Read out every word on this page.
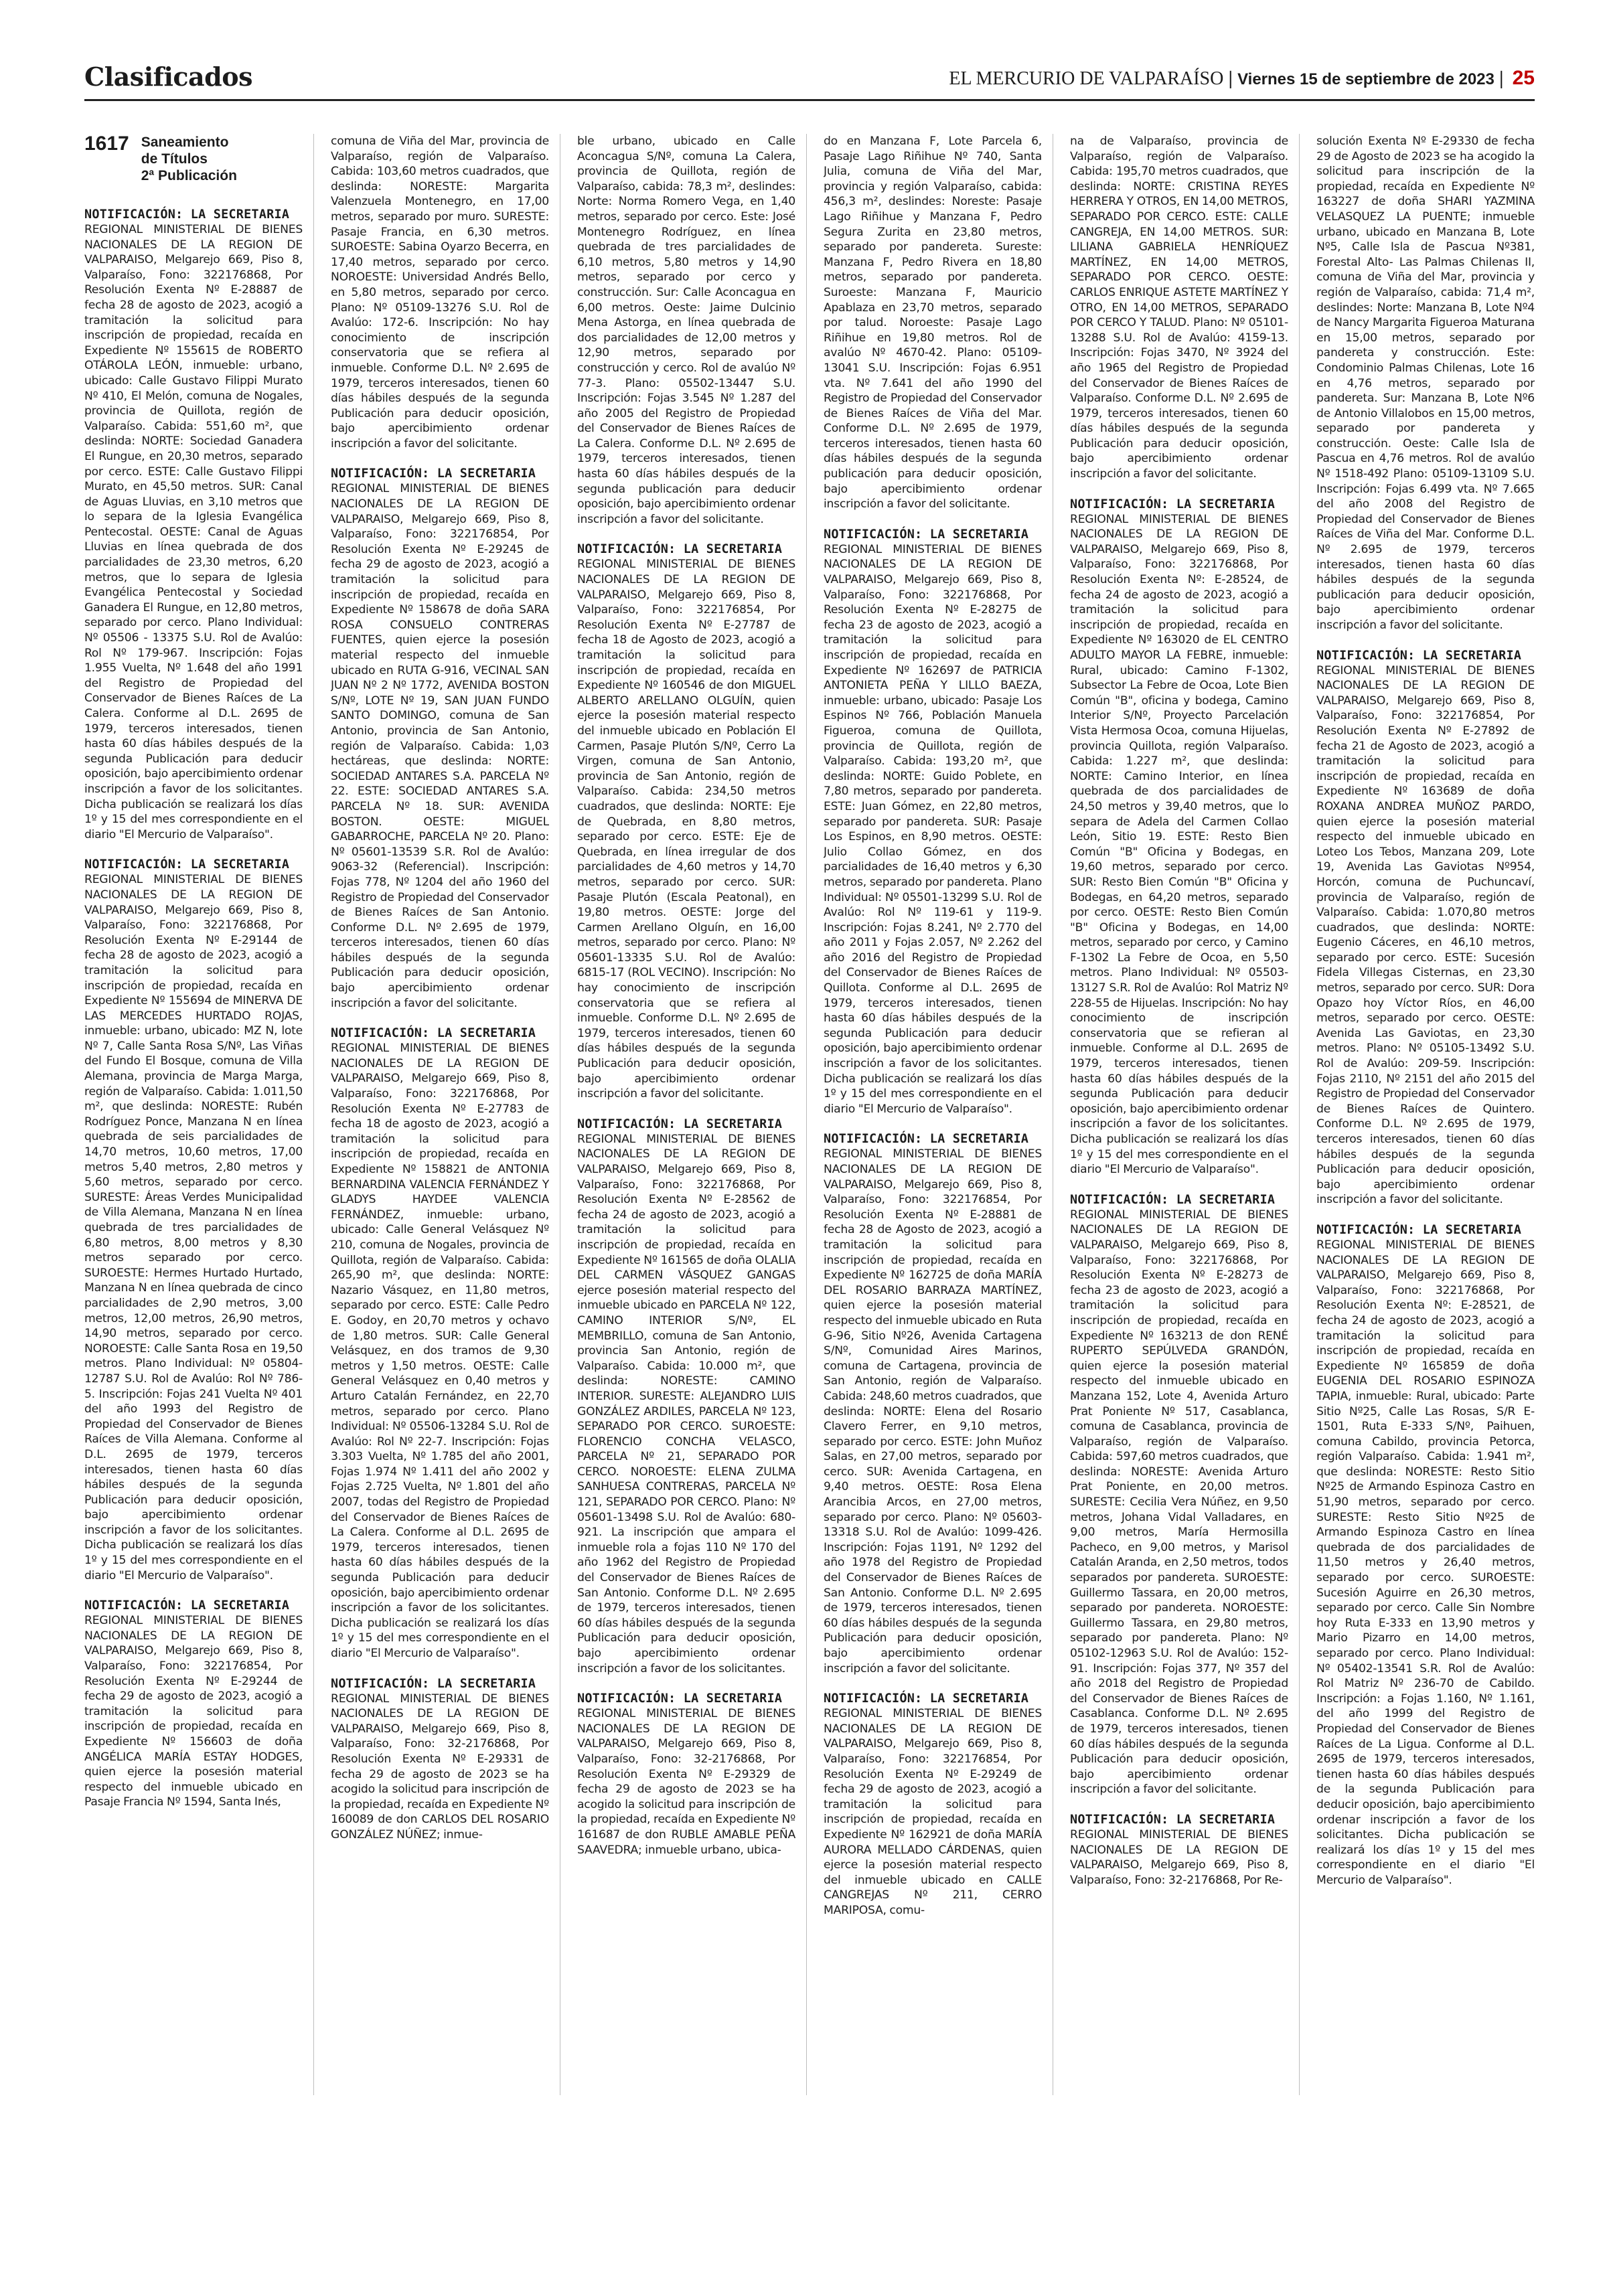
Clasificados	EL MERCURIO DE VALPARAÍSO | Viernes 15 de septiembre de 2023 | 25
1617 Saneamiento
de Títulos
2ª Publicación
NOTIFICACIÓN: LA SECRETARIA
REGIONAL MINISTERIAL DE BIENES NACIONALES DE LA REGION DE VALPARAISO, Melgarejo 669, Piso 8, Valparaíso, Fono: 322176868, Por Resolución Exenta Nº E-28887 de fecha 28 de agosto de 2023, acogió a tramitación la solicitud para inscripción de propiedad, recaída en Expediente Nº 155615 de ROBERTO OTÁROLA LEÓN, inmueble: urbano, ubicado: Calle Gustavo Filippi Murato Nº 410, El Melón, comuna de Nogales, provincia de Quillota, región de Valparaíso. Cabida: 551,60 m², que deslinda: NORTE: Sociedad Ganadera El Rungue, en 20,30 metros, separado por cerco. ESTE: Calle Gustavo Filippi Murato, en 45,50 metros. SUR: Canal de Aguas Lluvias, en 3,10 metros que lo separa de la Iglesia Evangélica Pentecostal. OESTE: Canal de Aguas Lluvias en línea quebrada de dos parcialidades de 23,30 metros, 6,20 metros, que lo separa de Iglesia Evangélica Pentecostal y Sociedad Ganadera El Rungue, en 12,80 metros, separado por cerco. Plano Individual: Nº 05506 - 13375 S.U. Rol de Avalúo: Rol Nº 179-967. Inscripción: Fojas 1.955 Vuelta, Nº 1.648 del año 1991 del Registro de Propiedad del Conservador de Bienes Raíces de La Calera. Conforme al D.L. 2695 de 1979, terceros interesados, tienen hasta 60 días hábiles después de la segunda Publicación para deducir oposición, bajo apercibimiento ordenar inscripción a favor de los solicitantes. Dicha publicación se realizará los días 1º y 15 del mes correspondiente en el diario "El Mercurio de Valparaíso".
NOTIFICACIÓN: LA SECRETARIA
REGIONAL MINISTERIAL DE BIENES NACIONALES DE LA REGION DE VALPARAISO, Melgarejo 669, Piso 8, Valparaíso, Fono: 322176868, Por Resolución Exenta Nº E-29144 de fecha 28 de agosto de 2023, acogió a tramitación la solicitud para inscripción de propiedad, recaída en Expediente Nº 155694 de MINERVA DE LAS MERCEDES HURTADO ROJAS, inmueble: urbano, ubicado: MZ N, lote Nº 7, Calle Santa Rosa S/Nº, Las Viñas del Fundo El Bosque, comuna de Villa Alemana, provincia de Marga Marga, región de Valparaíso. Cabida: 1.011,50 m², que deslinda: NORESTE: Rubén Rodríguez Ponce, Manzana N en línea quebrada de seis parcialidades de 14,70 metros, 10,60 metros, 17,00 metros 5,40 metros, 2,80 metros y 5,60 metros, separado por cerco. SURESTE: Áreas Verdes Municipalidad de Villa Alemana, Manzana N en línea quebrada de tres parcialidades de 6,80 metros, 8,00 metros y 8,30 metros separado por cerco. SUROESTE: Hermes Hurtado Hurtado, Manzana N en línea quebrada de cinco parcialidades de 2,90 metros, 3,00 metros, 12,00 metros, 26,90 metros, 14,90 metros, separado por cerco. NOROESTE: Calle Santa Rosa en 19,50 metros. Plano Individual: Nº 05804-12787 S.U. Rol de Avalúo: Rol Nº 786-5. Inscripción: Fojas 241 Vuelta Nº 401 del año 1993 del Registro de Propiedad del Conservador de Bienes Raíces de Villa Alemana. Conforme al D.L. 2695 de 1979, terceros interesados, tienen hasta 60 días hábiles después de la segunda Publicación para deducir oposición, bajo apercibimiento ordenar inscripción a favor de los solicitantes. Dicha publicación se realizará los días 1º y 15 del mes correspondiente en el diario "El Mercurio de Valparaíso".
NOTIFICACIÓN: LA SECRETARIA
REGIONAL MINISTERIAL DE BIENES NACIONALES DE LA REGION DE VALPARAISO, Melgarejo 669, Piso 8, Valparaíso, Fono: 322176854, Por Resolución Exenta Nº E-29244 de fecha 29 de agosto de 2023, acogió a tramitación la solicitud para inscripción de propiedad, recaída en Expediente Nº 156603 de doña ANGÉLICA MARÍA ESTAY HODGES, quien ejerce la posesión material respecto del inmueble ubicado en Pasaje Francia Nº 1594, Santa Inés,
comuna de Viña del Mar, provincia de Valparaíso, región de Valparaíso. Cabida: 103,60 metros cuadrados, que deslinda: NORESTE: Margarita Valenzuela Montenegro, en 17,00 metros, separado por muro. SURESTE: Pasaje Francia, en 6,30 metros. SUROESTE: Sabina Oyarzo Becerra, en 17,40 metros, separado por cerco. NOROESTE: Universidad Andrés Bello, en 5,80 metros, separado por cerco. Plano: Nº 05109-13276 S.U. Rol de Avalúo: 172-6. Inscripción: No hay conocimiento de inscripción conservatoria que se refiera al inmueble. Conforme D.L. Nº 2.695 de 1979, terceros interesados, tienen 60 días hábiles después de la segunda Publicación para deducir oposición, bajo apercibimiento ordenar inscripción a favor del solicitante.
NOTIFICACIÓN: LA SECRETARIA
REGIONAL MINISTERIAL DE BIENES NACIONALES DE LA REGION DE VALPARAISO, Melgarejo 669, Piso 8, Valparaíso, Fono: 322176854, Por Resolución Exenta Nº E-29245 de fecha 29 de agosto de 2023, acogió a tramitación la solicitud para inscripción de propiedad, recaída en Expediente Nº 158678 de doña SARA ROSA CONSUELO CONTRERAS FUENTES, quien ejerce la posesión material respecto del inmueble ubicado en RUTA G-916, VECINAL SAN JUAN Nº 2 Nº 1772, AVENIDA BOSTON S/Nº, LOTE Nº 19, SAN JUAN FUNDO SANTO DOMINGO, comuna de San Antonio, provincia de San Antonio, región de Valparaíso. Cabida: 1,03 hectáreas, que deslinda: NORTE: SOCIEDAD ANTARES S.A. PARCELA Nº 22. ESTE: SOCIEDAD ANTARES S.A. PARCELA Nº 18. SUR: AVENIDA BOSTON. OESTE: MIGUEL GABARROCHE, PARCELA Nº 20. Plano: Nº 05601-13539 S.R. Rol de Avalúo: 9063-32 (Referencial). Inscripción: Fojas 778, Nº 1204 del año 1960 del Registro de Propiedad del Conservador de Bienes Raíces de San Antonio. Conforme D.L. Nº 2.695 de 1979, terceros interesados, tienen 60 días hábiles después de la segunda Publicación para deducir oposición, bajo apercibimiento ordenar inscripción a favor del solicitante.
NOTIFICACIÓN: LA SECRETARIA
REGIONAL MINISTERIAL DE BIENES NACIONALES DE LA REGION DE VALPARAISO, Melgarejo 669, Piso 8, Valparaíso, Fono: 322176868, Por Resolución Exenta Nº E-27783 de fecha 18 de agosto de 2023, acogió a tramitación la solicitud para inscripción de propiedad, recaída en Expediente Nº 158821 de ANTONIA BERNARDINA VALENCIA FERNÁNDEZ Y GLADYS HAYDEE VALENCIA FERNÁNDEZ, inmueble: urbano, ubicado: Calle General Velásquez Nº 210, comuna de Nogales, provincia de Quillota, región de Valparaíso. Cabida: 265,90 m², que deslinda: NORTE: Nazario Vásquez, en 11,80 metros, separado por cerco. ESTE: Calle Pedro E. Godoy, en 20,70 metros y ochavo de 1,80 metros. SUR: Calle General Velásquez, en dos tramos de 9,30 metros y 1,50 metros. OESTE: Calle General Velásquez en 0,40 metros y Arturo Catalán Fernández, en 22,70 metros, separado por cerco. Plano Individual: Nº 05506-13284 S.U. Rol de Avalúo: Rol Nº 22-7. Inscripción: Fojas 3.303 Vuelta, Nº 1.785 del año 2001, Fojas 1.974 Nº 1.411 del año 2002 y Fojas 2.725 Vuelta, Nº 1.801 del año 2007, todas del Registro de Propiedad del Conservador de Bienes Raíces de La Calera. Conforme al D.L. 2695 de 1979, terceros interesados, tienen hasta 60 días hábiles después de la segunda Publicación para deducir oposición, bajo apercibimiento ordenar inscripción a favor de los solicitantes. Dicha publicación se realizará los días 1º y 15 del mes correspondiente en el diario "El Mercurio de Valparaíso".
NOTIFICACIÓN: LA SECRETARIA
REGIONAL MINISTERIAL DE BIENES NACIONALES DE LA REGION DE VALPARAISO, Melgarejo 669, Piso 8, Valparaíso, Fono: 32-2176868, Por Resolución Exenta Nº E-29331 de fecha 29 de agosto de 2023 se ha acogido la solicitud para inscripción de la propiedad, recaída en Expediente Nº 160089 de don CARLOS DEL ROSARIO GONZÁLEZ NÚÑEZ; inmue-
ble urbano, ubicado en Calle Aconcagua S/Nº, comuna La Calera, provincia de Quillota, región de Valparaíso, cabida: 78,3 m², deslindes: Norte: Norma Romero Vega, en 1,40 metros, separado por cerco. Este: José Montenegro Rodríguez, en línea quebrada de tres parcialidades de 6,10 metros, 5,80 metros y 14,90 metros, separado por cerco y construcción. Sur: Calle Aconcagua en 6,00 metros. Oeste: Jaime Dulcinio Mena Astorga, en línea quebrada de dos parcialidades de 12,00 metros y 12,90 metros, separado por construcción y cerco. Rol de avalúo Nº 77-3. Plano: 05502-13447 S.U. Inscripción: Fojas 3.545 Nº 1.287 del año 2005 del Registro de Propiedad del Conservador de Bienes Raíces de La Calera. Conforme D.L. Nº 2.695 de 1979, terceros interesados, tienen hasta 60 días hábiles después de la segunda publicación para deducir oposición, bajo apercibimiento ordenar inscripción a favor del solicitante.
NOTIFICACIÓN: LA SECRETARIA
REGIONAL MINISTERIAL DE BIENES NACIONALES DE LA REGION DE VALPARAISO, Melgarejo 669, Piso 8, Valparaíso, Fono: 322176854, Por Resolución Exenta Nº E-27787 de fecha 18 de Agosto de 2023, acogió a tramitación la solicitud para inscripción de propiedad, recaída en Expediente Nº 160546 de don MIGUEL ALBERTO ARELLANO OLGUÍN, quien ejerce la posesión material respecto del inmueble ubicado en Población El Carmen, Pasaje Plutón S/Nº, Cerro La Virgen, comuna de San Antonio, provincia de San Antonio, región de Valparaíso. Cabida: 234,50 metros cuadrados, que deslinda: NORTE: Eje de Quebrada, en 8,80 metros, separado por cerco. ESTE: Eje de Quebrada, en línea irregular de dos parcialidades de 4,60 metros y 14,70 metros, separado por cerco. SUR: Pasaje Plutón (Escala Peatonal), en 19,80 metros. OESTE: Jorge del Carmen Arellano Olguín, en 16,00 metros, separado por cerco. Plano: Nº 05601-13335 S.U. Rol de Avalúo: 6815-17 (ROL VECINO). Inscripción: No hay conocimiento de inscripción conservatoria que se refiera al inmueble. Conforme D.L. Nº 2.695 de 1979, terceros interesados, tienen 60 días hábiles después de la segunda Publicación para deducir oposición, bajo apercibimiento ordenar inscripción a favor del solicitante.
NOTIFICACIÓN: LA SECRETARIA
REGIONAL MINISTERIAL DE BIENES NACIONALES DE LA REGION DE VALPARAISO, Melgarejo 669, Piso 8, Valparaíso, Fono: 322176868, Por Resolución Exenta Nº E-28562 de fecha 24 de agosto de 2023, acogió a tramitación la solicitud para inscripción de propiedad, recaída en Expediente Nº 161565 de doña OLALIA DEL CARMEN VÁSQUEZ GANGAS ejerce posesión material respecto del inmueble ubicado en PARCELA Nº 122, CAMINO INTERIOR S/Nº, EL MEMBRILLO, comuna de San Antonio, provincia San Antonio, región de Valparaíso. Cabida: 10.000 m², que deslinda: NORESTE: CAMINO INTERIOR. SURESTE: ALEJANDRO LUIS GONZÁLEZ ARDILES, PARCELA Nº 123, SEPARADO POR CERCO. SUROESTE: FLORENCIO CONCHA VELASCO, PARCELA Nº 21, SEPARADO POR CERCO. NOROESTE: ELENA ZULMA SANHUESA CONTRERAS, PARCELA Nº 121, SEPARADO POR CERCO. Plano: Nº 05601-13498 S.U. Rol de Avalúo: 680-921. La inscripción que ampara el inmueble rola a fojas 110 Nº 170 del año 1962 del Registro de Propiedad del Conservador de Bienes Raíces de San Antonio. Conforme D.L. Nº 2.695 de 1979, terceros interesados, tienen 60 días hábiles después de la segunda Publicación para deducir oposición, bajo apercibimiento ordenar inscripción a favor de los solicitantes.
NOTIFICACIÓN: LA SECRETARIA
REGIONAL MINISTERIAL DE BIENES NACIONALES DE LA REGION DE VALPARAISO, Melgarejo 669, Piso 8, Valparaíso, Fono: 32-2176868, Por Resolución Exenta Nº E-29329 de fecha 29 de agosto de 2023 se ha acogido la solicitud para inscripción de la propiedad, recaída en Expediente Nº 161687 de don RUBLE AMABLE PEÑA SAAVEDRA; inmueble urbano, ubica-
do en Manzana F, Lote Parcela 6, Pasaje Lago Riñihue Nº 740, Santa Julia, comuna de Viña del Mar, provincia y región Valparaíso, cabida: 456,3 m², deslindes: Noreste: Pasaje Lago Riñihue y Manzana F, Pedro Segura Zurita en 23,80 metros, separado por pandereta. Sureste: Manzana F, Pedro Rivera en 18,80 metros, separado por pandereta. Suroeste: Manzana F, Mauricio Apablaza en 23,70 metros, separado por talud. Noroeste: Pasaje Lago Riñihue en 19,80 metros. Rol de avalúo Nº 4670-42. Plano: 05109-13041 S.U. Inscripción: Fojas 6.951 vta. Nº 7.641 del año 1990 del Registro de Propiedad del Conservador de Bienes Raíces de Viña del Mar. Conforme D.L. Nº 2.695 de 1979, terceros interesados, tienen hasta 60 días hábiles después de la segunda publicación para deducir oposición, bajo apercibimiento ordenar inscripción a favor del solicitante.
NOTIFICACIÓN: LA SECRETARIA
REGIONAL MINISTERIAL DE BIENES NACIONALES DE LA REGION DE VALPARAISO, Melgarejo 669, Piso 8, Valparaíso, Fono: 322176868, Por Resolución Exenta Nº E-28275 de fecha 23 de agosto de 2023, acogió a tramitación la solicitud para inscripción de propiedad, recaída en Expediente Nº 162697 de PATRICIA ANTONIETA PEÑA Y LILLO BAEZA, inmueble: urbano, ubicado: Pasaje Los Espinos Nº 766, Población Manuela Figueroa, comuna de Quillota, provincia de Quillota, región de Valparaíso. Cabida: 193,20 m², que deslinda: NORTE: Guido Poblete, en 7,80 metros, separado por pandereta. ESTE: Juan Gómez, en 22,80 metros, separado por pandereta. SUR: Pasaje Los Espinos, en 8,90 metros. OESTE: Julio Collao Gómez, en dos parcialidades de 16,40 metros y 6,30 metros, separado por pandereta. Plano Individual: Nº 05501-13299 S.U. Rol de Avalúo: Rol Nº 119-61 y 119-9. Inscripción: Fojas 8.241, Nº 2.770 del año 2011 y Fojas 2.057, Nº 2.262 del año 2016 del Registro de Propiedad del Conservador de Bienes Raíces de Quillota. Conforme al D.L. 2695 de 1979, terceros interesados, tienen hasta 60 días hábiles después de la segunda Publicación para deducir oposición, bajo apercibimiento ordenar inscripción a favor de los solicitantes. Dicha publicación se realizará los días 1º y 15 del mes correspondiente en el diario "El Mercurio de Valparaíso".
NOTIFICACIÓN: LA SECRETARIA
REGIONAL MINISTERIAL DE BIENES NACIONALES DE LA REGION DE VALPARAISO, Melgarejo 669, Piso 8, Valparaíso, Fono: 322176854, Por Resolución Exenta Nº E-28881 de fecha 28 de Agosto de 2023, acogió a tramitación la solicitud para inscripción de propiedad, recaída en Expediente Nº 162725 de doña MARÍA DEL ROSARIO BARRAZA MARTÍNEZ, quien ejerce la posesión material respecto del inmueble ubicado en Ruta G-96, Sitio Nº26, Avenida Cartagena S/Nº, Comunidad Aires Marinos, comuna de Cartagena, provincia de San Antonio, región de Valparaíso. Cabida: 248,60 metros cuadrados, que deslinda: NORTE: Elena del Rosario Clavero Ferrer, en 9,10 metros, separado por cerco. ESTE: John Muñoz Salas, en 27,00 metros, separado por cerco. SUR: Avenida Cartagena, en 9,40 metros. OESTE: Rosa Elena Arancibia Arcos, en 27,00 metros, separado por cerco. Plano: Nº 05603-13318 S.U. Rol de Avalúo: 1099-426. Inscripción: Fojas 1191, Nº 1292 del año 1978 del Registro de Propiedad del Conservador de Bienes Raíces de San Antonio. Conforme D.L. Nº 2.695 de 1979, terceros interesados, tienen 60 días hábiles después de la segunda Publicación para deducir oposición, bajo apercibimiento ordenar inscripción a favor del solicitante.
NOTIFICACIÓN: LA SECRETARIA
REGIONAL MINISTERIAL DE BIENES NACIONALES DE LA REGION DE VALPARAISO, Melgarejo 669, Piso 8, Valparaíso, Fono: 322176854, Por Resolución Exenta Nº E-29249 de fecha 29 de agosto de 2023, acogió a tramitación la solicitud para inscripción de propiedad, recaída en Expediente Nº 162921 de doña MARÍA AURORA MELLADO CÁRDENAS, quien ejerce la posesión material respecto del inmueble ubicado en CALLE CANGREJAS Nº 211, CERRO MARIPOSA, comu-
na de Valparaíso, provincia de Valparaíso, región de Valparaíso. Cabida: 195,70 metros cuadrados, que deslinda: NORTE: CRISTINA REYES HERRERA Y OTROS, EN 14,00 METROS, SEPARADO POR CERCO. ESTE: CALLE CANGREJA, EN 14,00 METROS. SUR: LILIANA GABRIELA HENRÍQUEZ MARTÍNEZ, EN 14,00 METROS, SEPARADO POR CERCO. OESTE: CARLOS ENRIQUE ASTETE MARTÍNEZ Y OTRO, EN 14,00 METROS, SEPARADO POR CERCO Y TALUD. Plano: Nº 05101-13288 S.U. Rol de Avalúo: 4159-13. Inscripción: Fojas 3470, Nº 3924 del año 1965 del Registro de Propiedad del Conservador de Bienes Raíces de Valparaíso. Conforme D.L. Nº 2.695 de 1979, terceros interesados, tienen 60 días hábiles después de la segunda Publicación para deducir oposición, bajo apercibimiento ordenar inscripción a favor del solicitante.
NOTIFICACIÓN: LA SECRETARIA
REGIONAL MINISTERIAL DE BIENES NACIONALES DE LA REGION DE VALPARAISO, Melgarejo 669, Piso 8, Valparaíso, Fono: 322176868, Por Resolución Exenta Nº: E-28524, de fecha 24 de agosto de 2023, acogió a tramitación la solicitud para inscripción de propiedad, recaída en Expediente Nº 163020 de EL CENTRO ADULTO MAYOR LA FEBRE, inmueble: Rural, ubicado: Camino F-1302, Subsector La Febre de Ocoa, Lote Bien Común "B", oficina y bodega, Camino Interior S/Nº, Proyecto Parcelación Vista Hermosa Ocoa, comuna Hijuelas, provincia Quillota, región Valparaíso. Cabida: 1.227 m², que deslinda: NORTE: Camino Interior, en línea quebrada de dos parcialidades de 24,50 metros y 39,40 metros, que lo separa de Adela del Carmen Collao León, Sitio 19. ESTE: Resto Bien Común "B" Oficina y Bodegas, en 19,60 metros, separado por cerco. SUR: Resto Bien Común "B" Oficina y Bodegas, en 64,20 metros, separado por cerco. OESTE: Resto Bien Común "B" Oficina y Bodegas, en 14,00 metros, separado por cerco, y Camino F-1302 La Febre de Ocoa, en 5,50 metros. Plano Individual: Nº 05503-13127 S.R. Rol de Avalúo: Rol Matriz Nº 228-55 de Hijuelas. Inscripción: No hay conocimiento de inscripción conservatoria que se refieran al inmueble. Conforme al D.L. 2695 de 1979, terceros interesados, tienen hasta 60 días hábiles después de la segunda Publicación para deducir oposición, bajo apercibimiento ordenar inscripción a favor de los solicitantes. Dicha publicación se realizará los días 1º y 15 del mes correspondiente en el diario "El Mercurio de Valparaíso".
NOTIFICACIÓN: LA SECRETARIA
REGIONAL MINISTERIAL DE BIENES NACIONALES DE LA REGION DE VALPARAISO, Melgarejo 669, Piso 8, Valparaíso, Fono: 322176868, Por Resolución Exenta Nº E-28273 de fecha 23 de agosto de 2023, acogió a tramitación la solicitud para inscripción de propiedad, recaída en Expediente Nº 163213 de don RENÉ RUPERTO SEPÚLVEDA GRANDÓN, quien ejerce la posesión material respecto del inmueble ubicado en Manzana 152, Lote 4, Avenida Arturo Prat Poniente Nº 517, Casablanca, comuna de Casablanca, provincia de Valparaíso, región de Valparaíso. Cabida: 597,60 metros cuadrados, que deslinda: NORESTE: Avenida Arturo Prat Poniente, en 20,00 metros. SURESTE: Cecilia Vera Núñez, en 9,50 metros, Johana Vidal Valladares, en 9,00 metros, María Hermosilla Pacheco, en 9,00 metros, y Marisol Catalán Aranda, en 2,50 metros, todos separados por pandereta. SUROESTE: Guillermo Tassara, en 20,00 metros, separado por pandereta. NOROESTE: Guillermo Tassara, en 29,80 metros, separado por pandereta. Plano: Nº 05102-12963 S.U. Rol de Avalúo: 152-91. Inscripción: Fojas 377, Nº 357 del año 2018 del Registro de Propiedad del Conservador de Bienes Raíces de Casablanca. Conforme D.L. Nº 2.695 de 1979, terceros interesados, tienen 60 días hábiles después de la segunda Publicación para deducir oposición, bajo apercibimiento ordenar inscripción a favor del solicitante.
NOTIFICACIÓN: LA SECRETARIA
REGIONAL MINISTERIAL DE BIENES NACIONALES DE LA REGION DE VALPARAISO, Melgarejo 669, Piso 8, Valparaíso, Fono: 32-2176868, Por Re-
solución Exenta Nº E-29330 de fecha 29 de Agosto de 2023 se ha acogido la solicitud para inscripción de la propiedad, recaída en Expediente Nº 163227 de doña SHARI YAZMINA VELASQUEZ LA PUENTE; inmueble urbano, ubicado en Manzana B, Lote Nº5, Calle Isla de Pascua Nº381, Forestal Alto- Las Palmas Chilenas II, comuna de Viña del Mar, provincia y región de Valparaíso, cabida: 71,4 m², deslindes: Norte: Manzana B, Lote Nº4 de Nancy Margarita Figueroa Maturana en 15,00 metros, separado por pandereta y construcción. Este: Condominio Palmas Chilenas, Lote 16 en 4,76 metros, separado por pandereta. Sur: Manzana B, Lote Nº6 de Antonio Villalobos en 15,00 metros, separado por pandereta y construcción. Oeste: Calle Isla de Pascua en 4,76 metros. Rol de avalúo Nº 1518-492 Plano: 05109-13109 S.U. Inscripción: Fojas 6.499 vta. Nº 7.665 del año 2008 del Registro de Propiedad del Conservador de Bienes Raíces de Viña del Mar. Conforme D.L. Nº 2.695 de 1979, terceros interesados, tienen hasta 60 días hábiles después de la segunda publicación para deducir oposición, bajo apercibimiento ordenar inscripción a favor del solicitante.
NOTIFICACIÓN: LA SECRETARIA
REGIONAL MINISTERIAL DE BIENES NACIONALES DE LA REGION DE VALPARAISO, Melgarejo 669, Piso 8, Valparaíso, Fono: 322176854, Por Resolución Exenta Nº E-27892 de fecha 21 de Agosto de 2023, acogió a tramitación la solicitud para inscripción de propiedad, recaída en Expediente Nº 163689 de doña ROXANA ANDREA MUÑOZ PARDO, quien ejerce la posesión material respecto del inmueble ubicado en Loteo Los Tebos, Manzana 209, Lote 19, Avenida Las Gaviotas Nº954, Horcón, comuna de Puchuncaví, provincia de Valparaíso, región de Valparaíso. Cabida: 1.070,80 metros cuadrados, que deslinda: NORTE: Eugenio Cáceres, en 46,10 metros, separado por cerco. ESTE: Sucesión Fidela Villegas Cisternas, en 23,30 metros, separado por cerco. SUR: Dora Opazo hoy Víctor Ríos, en 46,00 metros, separado por cerco. OESTE: Avenida Las Gaviotas, en 23,30 metros. Plano: Nº 05105-13492 S.U. Rol de Avalúo: 209-59. Inscripción: Fojas 2110, Nº 2151 del año 2015 del Registro de Propiedad del Conservador de Bienes Raíces de Quintero. Conforme D.L. Nº 2.695 de 1979, terceros interesados, tienen 60 días hábiles después de la segunda Publicación para deducir oposición, bajo apercibimiento ordenar inscripción a favor del solicitante.
NOTIFICACIÓN: LA SECRETARIA
REGIONAL MINISTERIAL DE BIENES NACIONALES DE LA REGION DE VALPARAISO, Melgarejo 669, Piso 8, Valparaíso, Fono: 322176868, Por Resolución Exenta Nº: E-28521, de fecha 24 de agosto de 2023, acogió a tramitación la solicitud para inscripción de propiedad, recaída en Expediente Nº 165859 de doña EUGENIA DEL ROSARIO ESPINOZA TAPIA, inmueble: Rural, ubicado: Parte Sitio Nº25, Calle Las Rosas, S/R E-1501, Ruta E-333 S/Nº, Paihuen, comuna Cabildo, provincia Petorca, región Valparaíso. Cabida: 1.941 m², que deslinda: NORESTE: Resto Sitio Nº25 de Armando Espinoza Castro en 51,90 metros, separado por cerco. SURESTE: Resto Sitio Nº25 de Armando Espinoza Castro en línea quebrada de dos parcialidades de 11,50 metros y 26,40 metros, separado por cerco. SUROESTE: Sucesión Aguirre en 26,30 metros, separado por cerco. Calle Sin Nombre hoy Ruta E-333 en 13,90 metros y Mario Pizarro en 14,00 metros, separado por cerco. Plano Individual: Nº 05402-13541 S.R. Rol de Avalúo: Rol Matriz Nº 236-70 de Cabildo. Inscripción: a Fojas 1.160, Nº 1.161, del año 1999 del Registro de Propiedad del Conservador de Bienes Raíces de La Ligua. Conforme al D.L. 2695 de 1979, terceros interesados, tienen hasta 60 días hábiles después de la segunda Publicación para deducir oposición, bajo apercibimiento ordenar inscripción a favor de los solicitantes. Dicha publicación se realizará los días 1º y 15 del mes correspondiente en el diario "El Mercurio de Valparaíso".
